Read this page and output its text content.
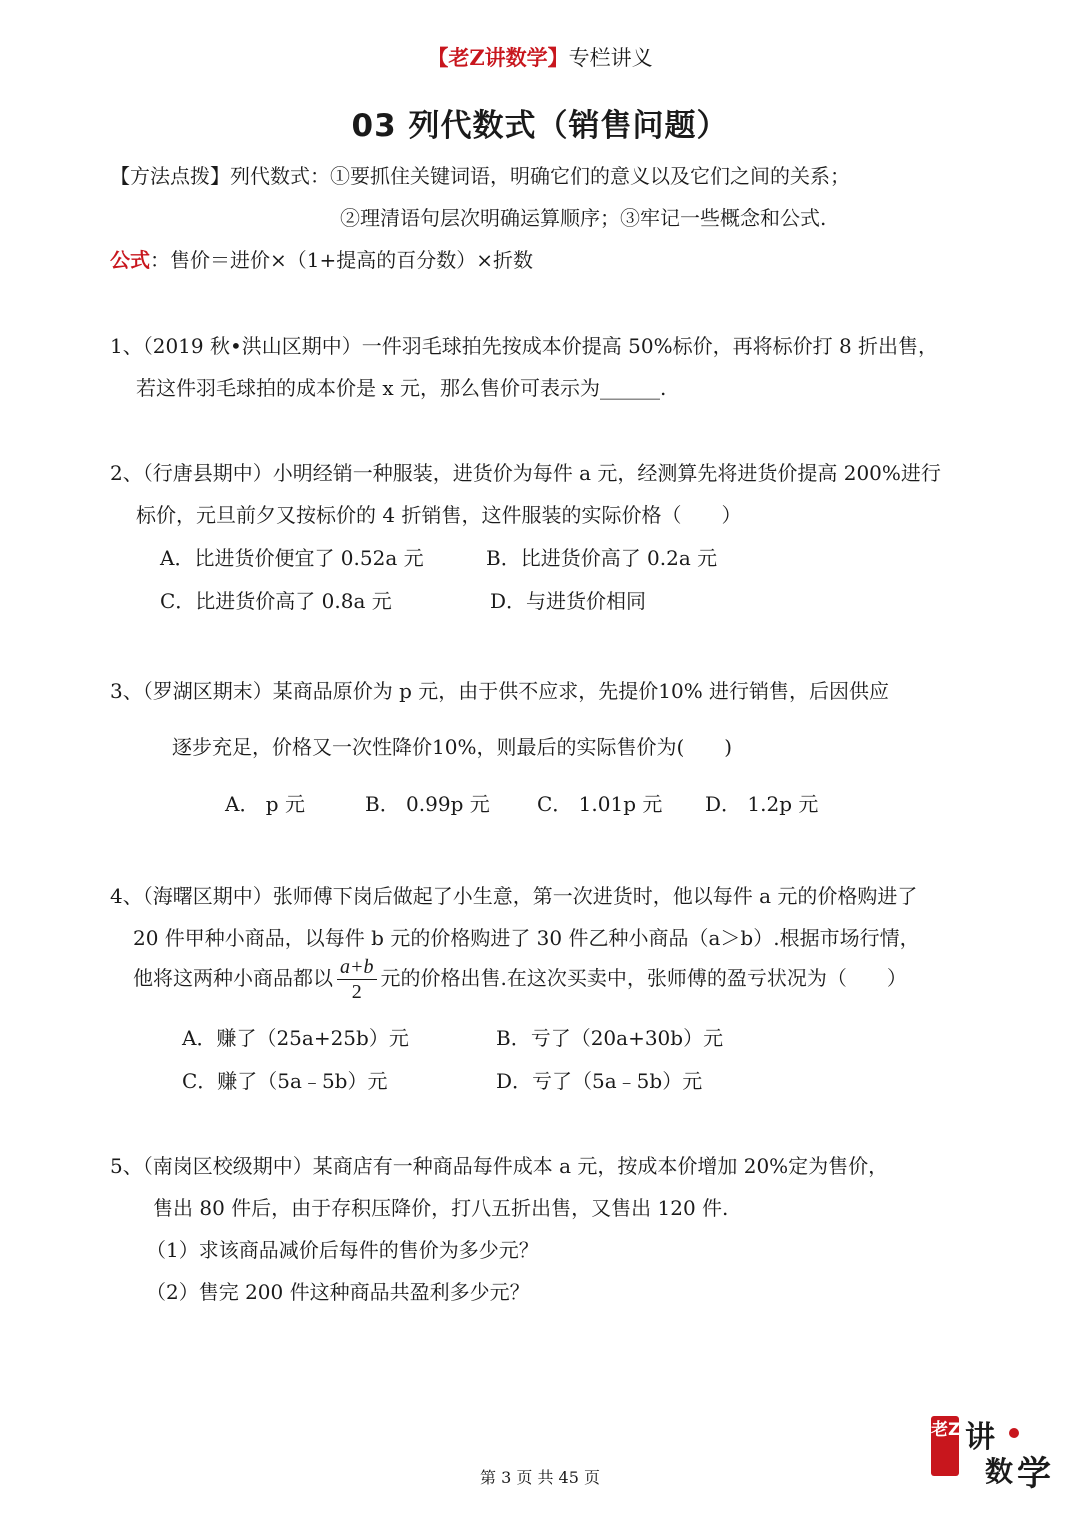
【老Z讲数学】专栏讲义
03 列代数式（销售问题）
【方法点拨】列代数式：①要抓住关键词语，明确它们的意义以及它们之间的关系；
②理清语句层次明确运算顺序；③牢记一些概念和公式.
公式：售价＝进价×（1+提高的百分数）×折数
1、（2019 秋•洪山区期中）一件羽毛球拍先按成本价提高 50%标价，再将标价打 8 折出售，
若这件羽毛球拍的成本价是 x 元，那么售价可表示为______.
2、（行唐县期中）小明经销一种服装，进货价为每件 a 元，经测算先将进货价提高 200%进行
标价，元旦前夕又按标价的 4 折销售，这件服装的实际价格（　　）
A．比进货价便宜了 0.52a 元	B．比进货价高了 0.2a 元
C．比进货价高了 0.8a 元	D．与进货价相同
3、（罗湖区期末）某商品原价为 p 元，由于供不应求，先提价10% 进行销售，后因供应
逐步充足，价格又一次性降价10%，则最后的实际售价为(　　)
A． p 元	B． 0.99p 元 C． 1.01p 元 D． 1.2p 元
4、（海曙区期中）张师傅下岗后做起了小生意，第一次进货时，他以每件 a 元的价格购进了
20 件甲种小商品，以每件 b 元的价格购进了 30 件乙种小商品（a＞b）.根据市场行情，
他将这两种小商品都以 $\frac{a+b}{2}$ 元的价格出售.在这次买卖中，张师傅的盈亏状况为（　　）
A．赚了（25a+25b）元	B．亏了（20a+30b）元
C．赚了（5a﹣5b）元	D．亏了（5a﹣5b）元
5、（南岗区校级期中）某商店有一种商品每件成本 a 元，按成本价增加 20%定为售价，
售出 80 件后，由于存积压降价，打八五折出售，又售出 120 件.
（1）求该商品减价后每件的售价为多少元？
（2）售完 200 件这种商品共盈利多少元？
第 3 页 共 45 页
老Z 讲
数 学
